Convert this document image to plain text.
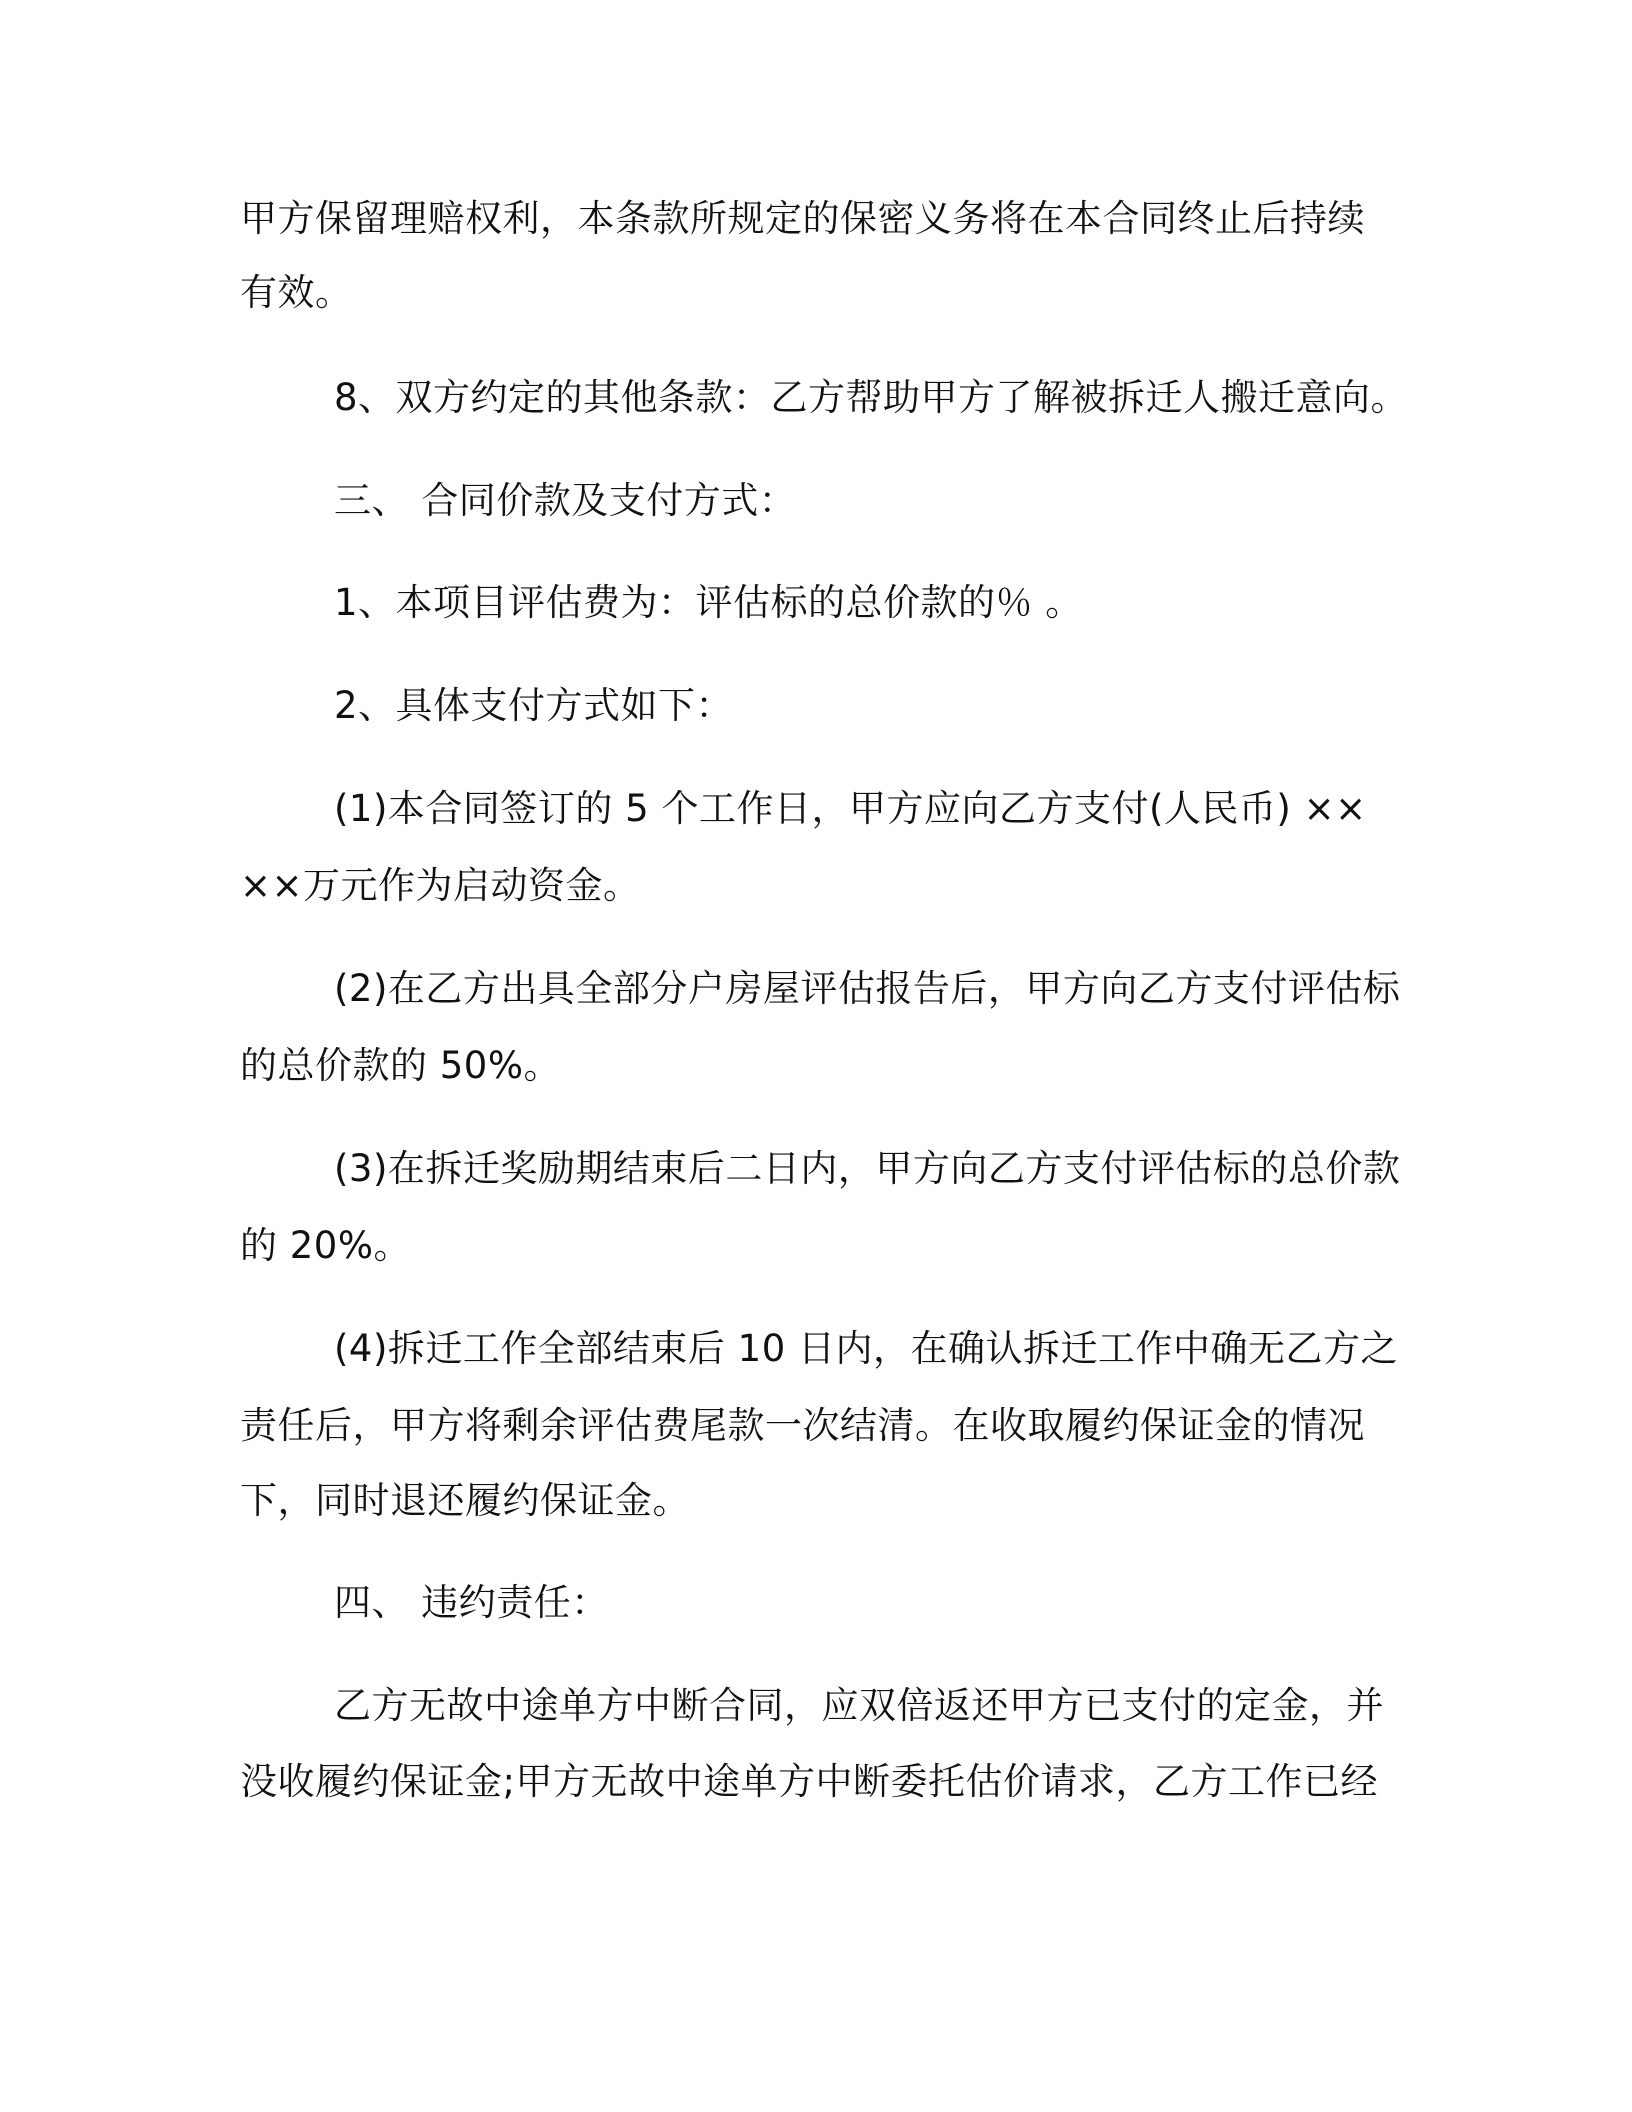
甲方保留理赔权利，本条款所规定的保密义务将在本合同终止后持续
有效。
8、双方约定的其他条款：乙方帮助甲方了解被拆迁人搬迁意向。
三、 合同价款及支付方式：
1、本项目评估费为：评估标的总价款的％ 。
2、具体支付方式如下：
(1)本合同签订的 5 个工作日，甲方应向乙方支付(人民币) ××
××万元作为启动资金。
(2)在乙方出具全部分户房屋评估报告后，甲方向乙方支付评估标
的总价款的 50%。
(3)在拆迁奖励期结束后二日内，甲方向乙方支付评估标的总价款
的 20%。
(4)拆迁工作全部结束后 10 日内，在确认拆迁工作中确无乙方之
责任后，甲方将剩余评估费尾款一次结清。在收取履约保证金的情况
下，同时退还履约保证金。
四、 违约责任：
乙方无故中途单方中断合同，应双倍返还甲方已支付的定金，并
没收履约保证金;甲方无故中途单方中断委托估价请求，乙方工作已经
